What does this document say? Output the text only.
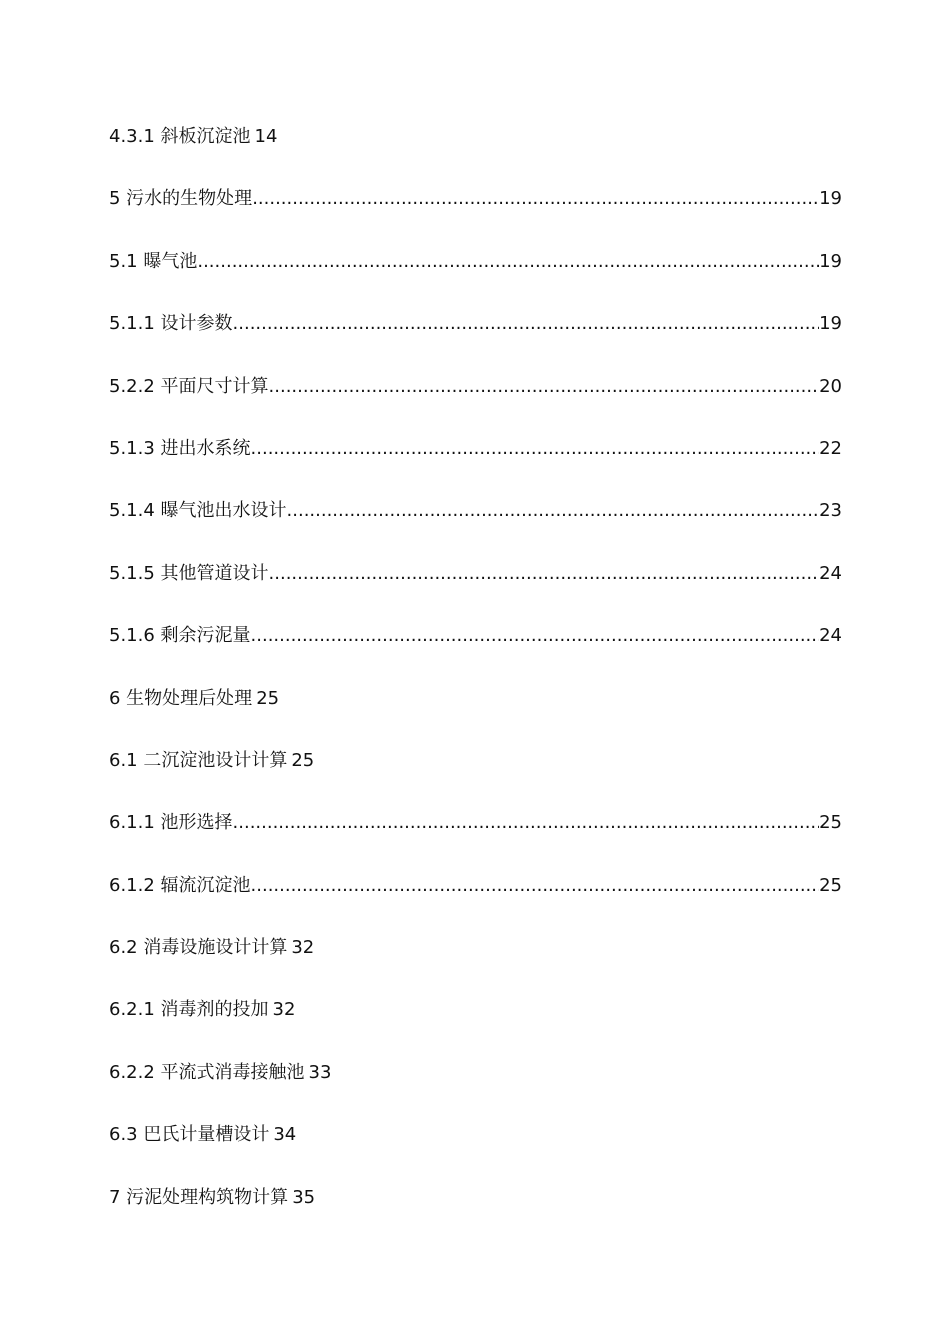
4.3.1 斜板沉淀池 14
5 污水的生物处理 .....	19
5.1 曝气池 .....	19
5.1.1 设计参数 .....	19
5.2.2 平面尺寸计算 .....	20
5.1.3 进出水系统 .....	22
5.1.4 曝气池出水设计 .....	23
5.1.5 其他管道设计 .....	24
5.1.6 剩余污泥量 .....	24
6 生物处理后处理 25
6.1 二沉淀池设计计算 25
6.1.1 池形选择 .....	25
6.1.2 辐流沉淀池 .....	25
6.2 消毒设施设计计算 32
6.2.1 消毒剂的投加 32
6.2.2 平流式消毒接触池 33
6.3 巴氏计量槽设计 34
7 污泥处理构筑物计算 35
